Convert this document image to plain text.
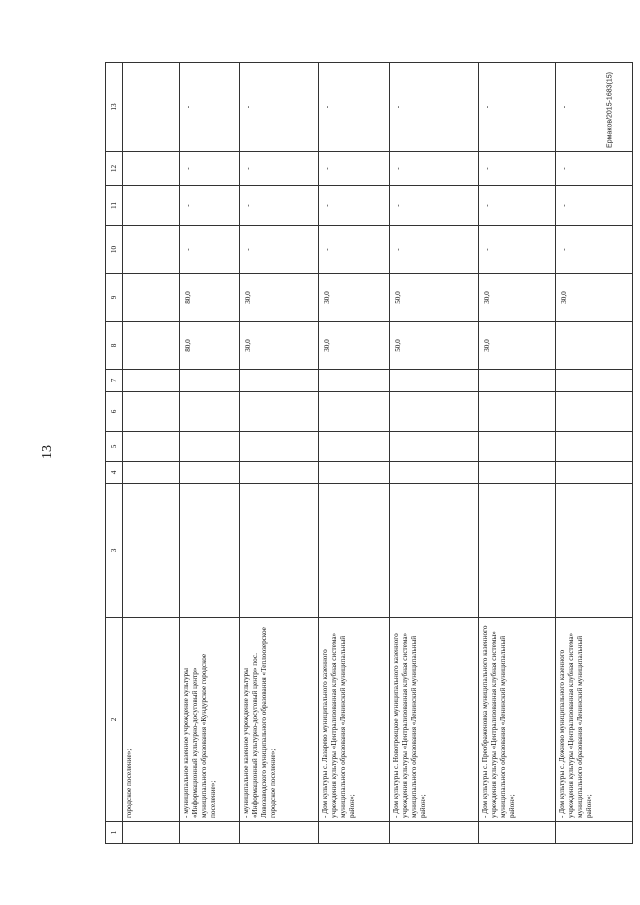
13
Ермаков/2015-1683(15)
1	2	3	4	5	6	7	8	9	10	11	12	13
	городское поселение»;											
	- муниципальное казенное учреждение культуры «Информационный культурно-досуговый центр» муниципального образования «Кундурское городское поселение»;						80,0	80,0	-	-	-	-
	- муниципальное казенное учреждение культуры «Информационный культурно-досуговый центр» пос. Ловозаводского муниципального образования «Теплоозерское городское поселение»;						30,0	30,0	-	-	-	-
	- Дом культуры с. Лазарево муниципального казенного учреждения культуры «Централизованная клубная система» муниципального образования «Ленинский муниципальный район»;						30,0	30,0	-	-	-	-
	- Дом культуры с. Новотроицкое муниципального казенного учреждения культуры «Централизованная клубная система» муниципального образования «Ленинский муниципальный район»;						50,0	50,0	-	-	-	-
	- Дом культуры с. Преображеновка муниципального казенного учреждения культуры «Централизованная клубная системы» муниципального образования «Ленинский муниципальный район»;						30,0	30,0	-	-	-	-
	- Дом культуры с. Дежнево муниципального казенного учреждения культуры «Централизованная клубная система» муниципального образования «Ленинский муниципальный район»;							30,0	-	-	-	-
